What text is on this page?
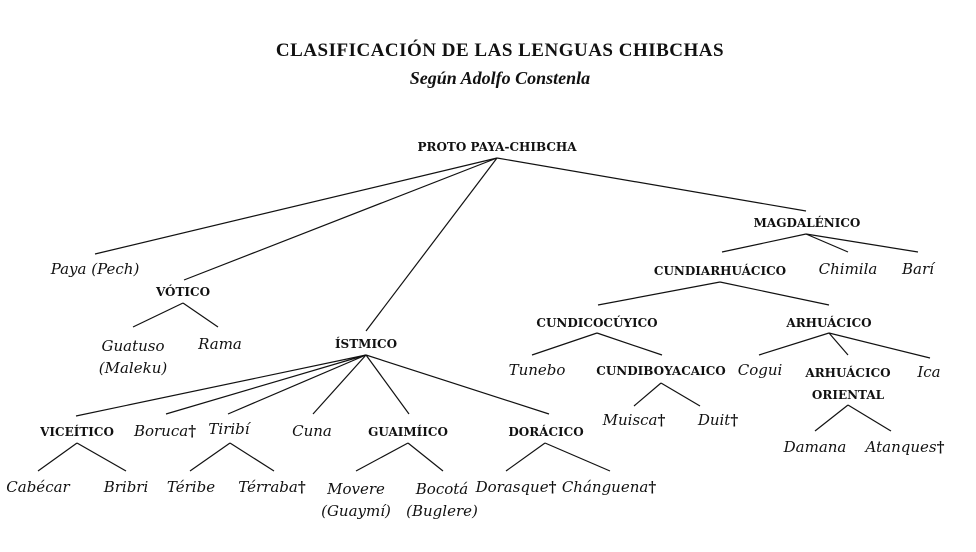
CLASIFICACIÓN DE LAS LENGUAS CHIBCHAS
Según Adolfo Constenla
PROTO PAYA-CHIBCHA
VÓTICO
ÍSTMICO
VICEÍTICO	GUAIMÍICO	DORÁCICO
MAGDALÉNICO
CUNDIARHUÁCICO
CUNDICOCÚYICO
CUNDIBOYACAICO
ARHUÁCICO
ARHUÁCICO
ORIENTAL
Paya (Pech)
Guatuso
(Maleku)
Rama
Boruca† Tiribí	Cuna
Cabécar Bribri Téribe Térraba†	Movere
(Guaymí)
Bocotá
(Buglere)
Dorasque† Chánguena†
Chimila Barí
Tunebo
Muisca† Duit†
Cogui	Ica
Damana Atanques†
